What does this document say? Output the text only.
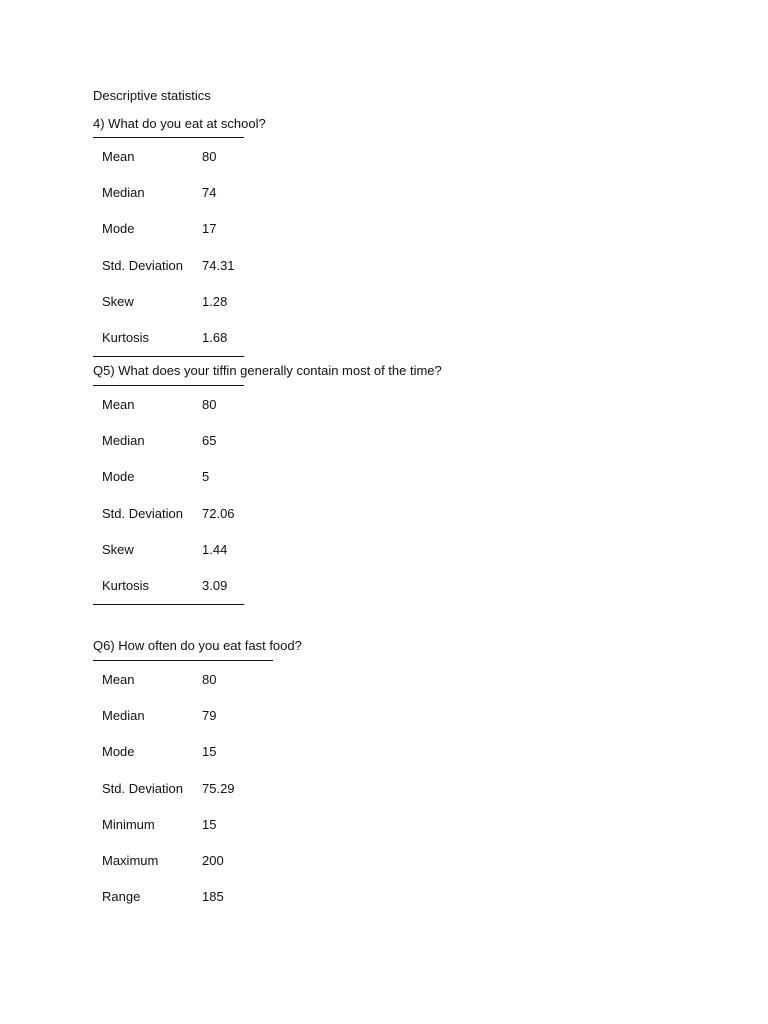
Descriptive statistics

4) What do you eat at school?

Mean	80
Median	74
Mode	17
Std. Deviation	74.31
Skew	1.28
Kurtosis	1.68

Q5) What does your tiffin generally contain most of the time?

Mean	80
Median	65
Mode	5
Std. Deviation	72.06
Skew	1.44
Kurtosis	3.09

Q6) How often do you eat fast food?

Mean	80
Median	79
Mode	15
Std. Deviation	75.29
Minimum	15
Maximum	200
Range	185
